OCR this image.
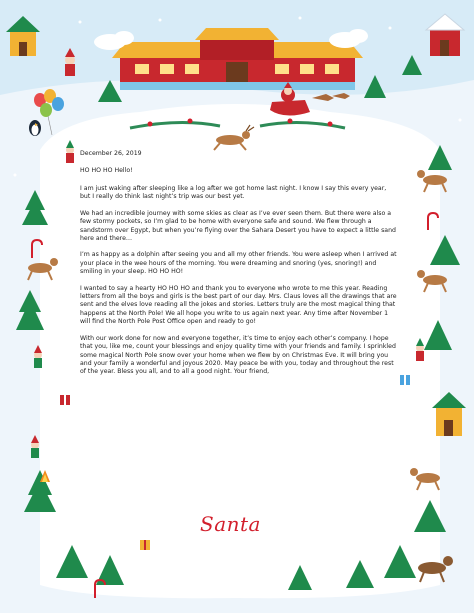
December 26, 2019

HO HO HO Hello!

I am just waking after sleeping like a log after we got home last night. I know I say this every year, but I really do think last night’s trip was our best yet.

We had an incredible journey with some skies as clear as I’ve ever seen them. But there were also a few stormy pockets, so I’m glad to be home with everyone safe and sound. We flew through a sandstorm over Egypt, but when you’re flying over the Sahara Desert you have to expect a little sand here and there…

I’m as happy as a dolphin after seeing you and all my other friends. You were asleep when I arrived at your place in the wee hours of the morning. You were dreaming and snoring (yes, snoring!) and smiling in your sleep. HO HO HO!

I wanted to say a hearty HO HO HO and thank you to everyone who wrote to me this year. Reading letters from all the boys and girls is the best part of our day. Mrs. Claus loves all the drawings that are sent and the elves love reading all the jokes and stories. Letters truly are the most magical thing that happens at the North Pole! We all hope you write to us again next year. Any time after November 1 will find the North Pole Post Office open and ready to go!

With our work done for now and everyone together, it’s time to enjoy each other’s company. I hope that you, like me, count your blessings and enjoy quality time with your friends and family. I sprinkled some magical North Pole snow over your home when we flew by on Christmas Eve. It will bring you and your family a wonderful and joyous 2020. May peace be with you, today and throughout the rest of the year. Bless you all, and to all a good night. Your friend,

Santa
